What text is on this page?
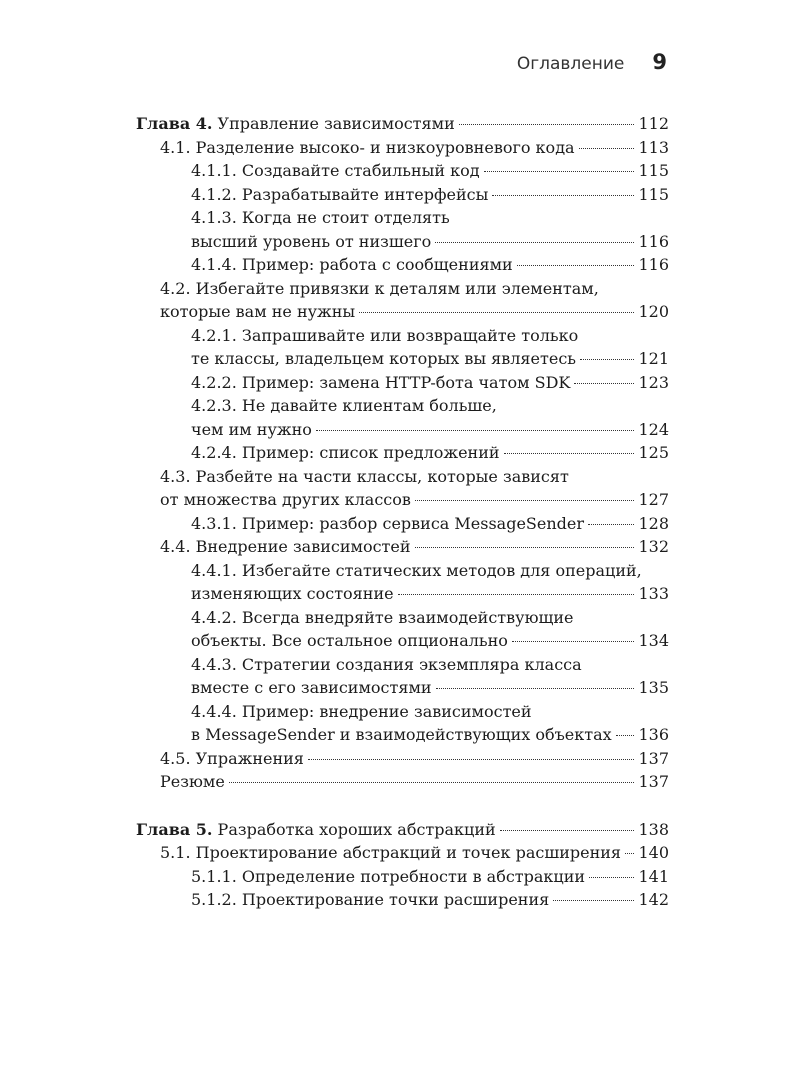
Оглавление 9
Глава 4. Управление зависимостями	112
4.1. Разделение высоко- и низкоуровневого кода	113
4.1.1. Создавайте стабильный код	115
4.1.2. Разрабатывайте интерфейсы	115
4.1.3. Когда не стоит отделять
высший уровень от низшего	116
4.1.4. Пример: работа с сообщениями	116
4.2. Избегайте привязки к деталям или элементам,
которые вам не нужны	120
4.2.1. Запрашивайте или возвращайте только
те классы, владельцем которых вы являетесь	121
4.2.2. Пример: замена HTTP-бота чатом SDK	123
4.2.3. Не давайте клиентам больше,
чем им нужно	124
4.2.4. Пример: список предложений	125
4.3. Разбейте на части классы, которые зависят
от множества других классов	127
4.3.1. Пример: разбор сервиса MessageSender	128
4.4. Внедрение зависимостей	132
4.4.1. Избегайте статических методов для операций,
изменяющих состояние	133
4.4.2. Всегда внедряйте взаимодействующие
объекты. Все остальное опционально	134
4.4.3. Стратегии создания экземпляра класса
вместе с его зависимостями	135
4.4.4. Пример: внедрение зависимостей
в MessageSender и взаимодействующих объектах 136
4.5. Упражнения	137
Резюме	137
Глава 5. Разработка хороших абстракций	138
5.1. Проектирование абстракций и точек расширения 140
5.1.1. Определение потребности в абстракции	141
5.1.2. Проектирование точки расширения	142
